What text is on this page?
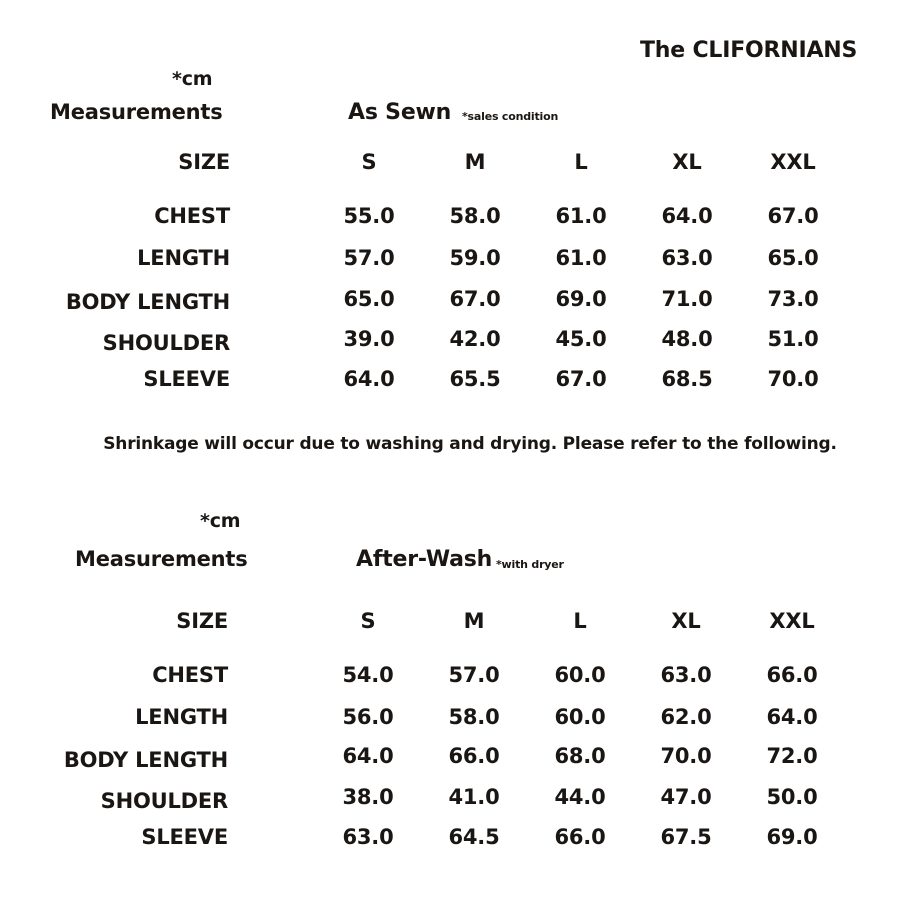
The CLIFORNIANS
*cm
Measurements	As Sewn *sales condition
SIZE	S	M	L	XL	XXL
CHEST	55.0	58.0	61.0	64.0	67.0
LENGTH	57.0	59.0	61.0	63.0	65.0
BODY LENGTH	65.0	67.0	69.0	71.0	73.0
SHOULDER	39.0	42.0	45.0	48.0	51.0
SLEEVE	64.0	65.5	67.0	68.5	70.0
Shrinkage will occur due to washing and drying. Please refer to the following.
*cm
Measurements	After-Wash *with dryer
SIZE	S	M	L	XL	XXL
CHEST	54.0	57.0	60.0	63.0	66.0
LENGTH	56.0	58.0	60.0	62.0	64.0
BODY LENGTH	64.0	66.0	68.0	70.0	72.0
SHOULDER	38.0	41.0	44.0	47.0	50.0
SLEEVE	63.0	64.5	66.0	67.5	69.0
